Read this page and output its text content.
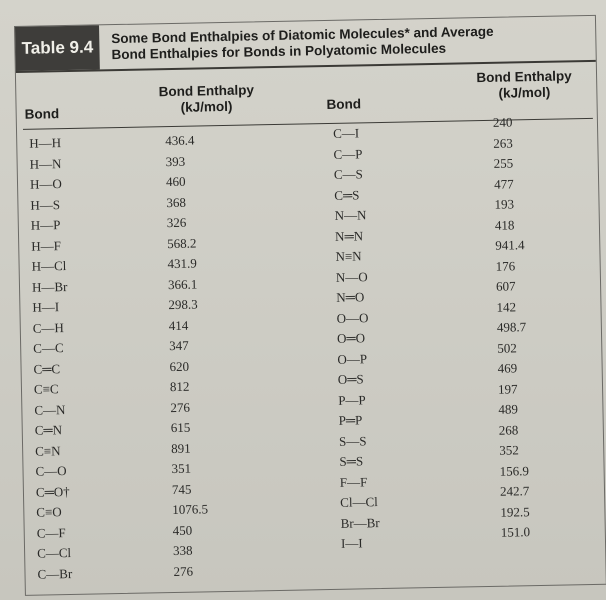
Table 9.4
Some Bond Enthalpies of Diatomic Molecules* and Average
Bond Enthalpies for Bonds in Polyatomic Molecules
Bond
Bond Enthalpy
(kJ/mol)	Bond
Bond Enthalpy
(kJ/mol)
H—H
H—N
H—O
H—S
H—P
H—F
H—Cl
H—Br
H—I
C—H
C—C
C═C
C≡C
C—N
C═N
C≡N
C—O
C═O†
C≡O
C—F
C—Cl
C—Br
436.4
393
460
368
326
568.2
431.9
366.1
298.3
414
347
620
812
276
615
891
351
745
1076.5
450
338
276
C—I
C—P
C—S
C═S
N—N
N═N
N≡N
N—O
N═O
O—O
O═O
O—P
O═S
P—P
P═P
S—S
S═S
F—F
Cl—Cl
Br—Br
I—I
240
263
255
477
193
418
941.4
176
607
142
498.7
502
469
197
489
268
352
156.9
242.7
192.5
151.0
